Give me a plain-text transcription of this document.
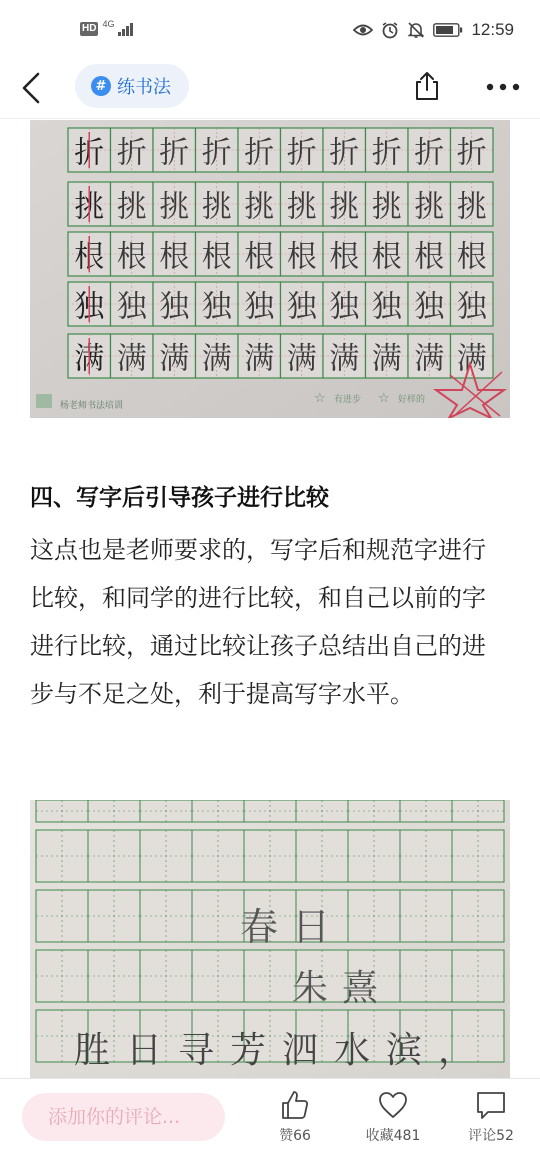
HD 4G	12:59
# 练书法
折 折 折 折 折 折 折 折 折 折
挑 挑 挑 挑 挑 挑 挑 挑 挑 挑
根 根 根 根 根 根 根 根 根 根
独 独 独 独 独 独 独 独 独 独
满 满 满 满 满 满 满 满 满 满
杨老师书法培训	☆ 有进步 ☆ 好样的
四、写字后引导孩子进行比较

这点也是老师要求的，写字后和规范字进行比较，和同学的进行比较，和自己以前的字进行比较，通过比较让孩子总结出自己的进步与不足之处，利于提高写字水平。

春日
朱熹
胜日寻芳泗水滨，
添加你的评论...
赞66	收藏481	评论52
